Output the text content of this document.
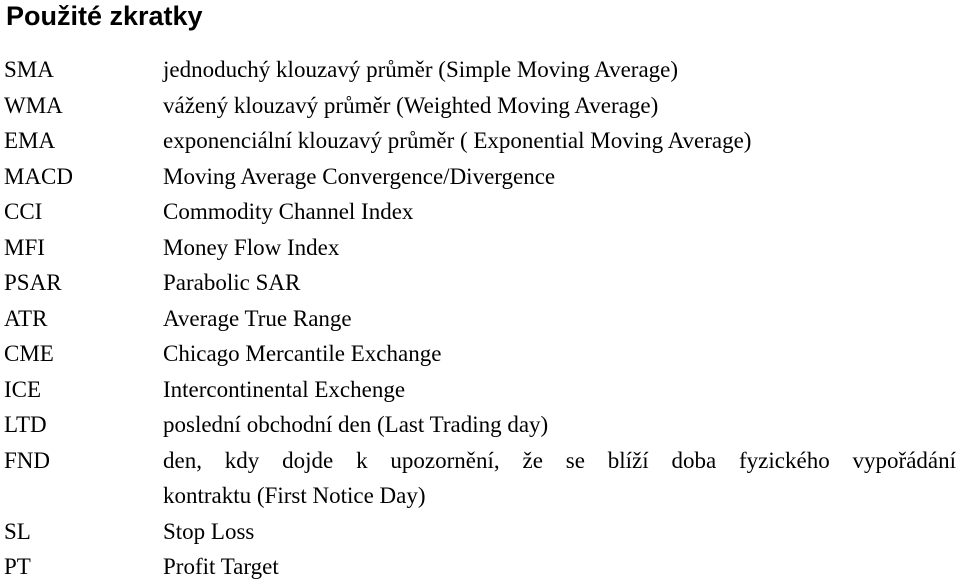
Použité zkratky
SMA	jednoduchý klouzavý průměr (Simple Moving Average)
WMA	vážený klouzavý průměr (Weighted Moving Average)
EMA	exponenciální klouzavý průměr ( Exponential Moving Average)
MACD	Moving Average Convergence/Divergence
CCI	Commodity Channel Index
MFI	Money Flow Index
PSAR	Parabolic SAR
ATR	Average True Range
CME	Chicago Mercantile Exchange
ICE	Intercontinental Exchenge
LTD	poslední obchodní den (Last Trading day)
FND	den, kdy dojde k upozornění, že se blíží doba fyzického vypořádání
kontraktu (First Notice Day)
SL	Stop Loss
PT	Profit Target
